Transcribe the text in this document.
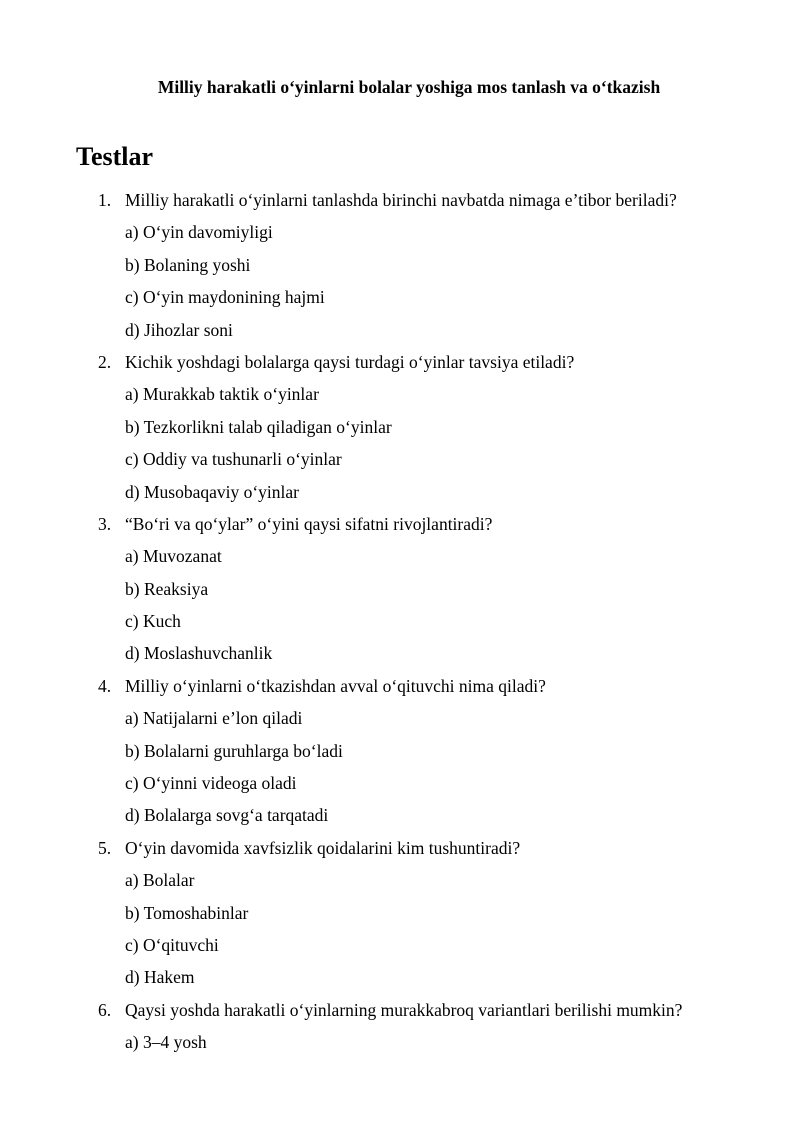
Milliy harakatli o‘yinlarni bolalar yoshiga mos tanlash va o‘tkazish
Testlar
1. Milliy harakatli o‘yinlarni tanlashda birinchi navbatda nimaga e’tibor beriladi?
a) O‘yin davomiyligi
b) Bolaning yoshi
c) O‘yin maydonining hajmi
d) Jihozlar soni
2. Kichik yoshdagi bolalarga qaysi turdagi o‘yinlar tavsiya etiladi?
a) Murakkab taktik o‘yinlar
b) Tezkorlikni talab qiladigan o‘yinlar
c) Oddiy va tushunarli o‘yinlar
d) Musobaqaviy o‘yinlar
3. “Bo‘ri va qo‘ylar” o‘yini qaysi sifatni rivojlantiradi?
a) Muvozanat
b) Reaksiya
c) Kuch
d) Moslashuvchanlik
4. Milliy o‘yinlarni o‘tkazishdan avval o‘qituvchi nima qiladi?
a) Natijalarni e’lon qiladi
b) Bolalarni guruhlarga bo‘ladi
c) O‘yinni videoga oladi
d) Bolalarga sovg‘a tarqatadi
5. O‘yin davomida xavfsizlik qoidalarini kim tushuntiradi?
a) Bolalar
b) Tomoshabinlar
c) O‘qituvchi
d) Hakem
6. Qaysi yoshda harakatli o‘yinlarning murakkabroq variantlari berilishi mumkin?
a) 3–4 yosh
